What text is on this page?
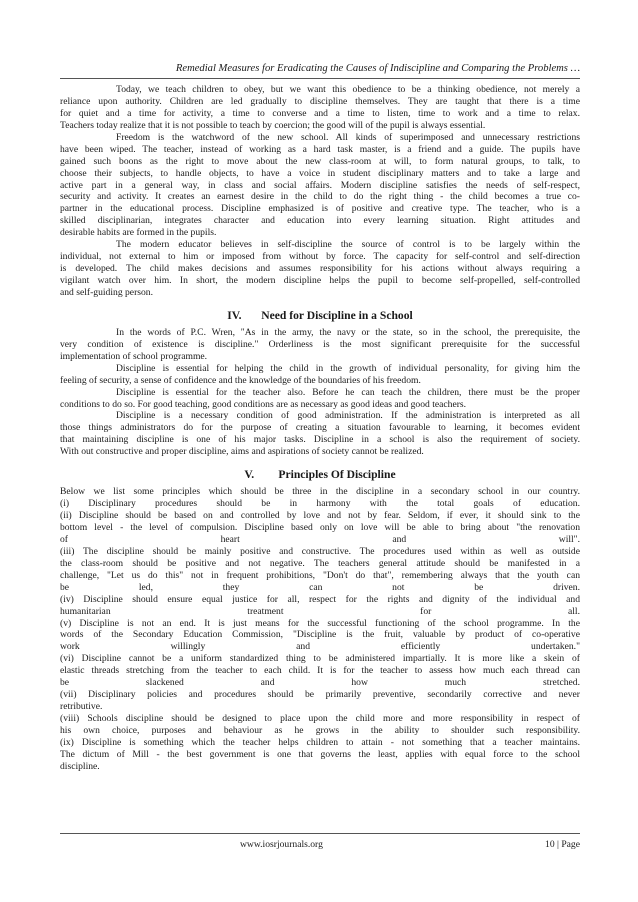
Remedial Measures for Eradicating the Causes of Indiscipline and Comparing the Problems …
Today, we teach children to obey, but we want this obedience to be a thinking obedience, not merely a
reliance upon authority. Children are led gradually to discipline themselves. They are taught that there is a time
for quiet and a time for activity, a time to converse and a time to listen, time to work and a time to relax.
Teachers today realize that it is not possible to teach by coercion; the good will of the pupil is always essential.
Freedom is the watchword of the new school. All kinds of superimposed and unnecessary restrictions
have been wiped. The teacher, instead of working as a hard task master, is a friend and a guide. The pupils have
gained such boons as the right to move about the new class-room at will, to form natural groups, to talk, to
choose their subjects, to handle objects, to have a voice in student disciplinary matters and to take a large and
active part in a general way, in class and social affairs. Modern discipline satisfies the needs of self-respect,
security and activity. It creates an earnest desire in the child to do the right thing - the child becomes a true co-
partner in the educational process. Discipline emphasized is of positive and creative type. The teacher, who is a
skilled disciplinarian, integrates character and education into every learning situation. Right attitudes and
desirable habits are formed in the pupils.
The modern educator believes in self-discipline the source of control is to be largely within the
individual, not external to him or imposed from without by force. The capacity for self-control and self-direction
is developed. The child makes decisions and assumes responsibility for his actions without always requiring a
vigilant watch over him. In short, the modern discipline helps the pupil to become self-propelled, self-controlled
and self-guiding person.
IV. Need for Discipline in a School
In the words of P.C. Wren, "As in the army, the navy or the state, so in the school, the prerequisite, the
very condition of existence is discipline." Orderliness is the most significant prerequisite for the successful
implementation of school programme.
Discipline is essential for helping the child in the growth of individual personality, for giving him the
feeling of security, a sense of confidence and the knowledge of the boundaries of his freedom.
Discipline is essential for the teacher also. Before he can teach the children, there must be the proper
conditions to do so. For good teaching, good conditions are as necessary as good ideas and good teachers.
Discipline is a necessary condition of good administration. If the administration is interpreted as all
those things administrators do for the purpose of creating a situation favourable to learning, it becomes evident
that maintaining discipline is one of his major tasks. Discipline in a school is also the requirement of society.
With out constructive and proper discipline, aims and aspirations of society cannot be realized.
V. Principles Of Discipline
Below we list some principles which should be three in the discipline in a secondary school in our country.
(i) Disciplinary procedures should be in harmony with the total goals of education.
(ii) Discipline should be based on and controlled by love and not by fear. Seldom, if ever, it should sink to the
bottom level - the level of compulsion. Discipline based only on love will be able to bring about "the renovation
of heart and will".
(iii) The discipline should be mainly positive and constructive. The procedures used within as well as outside
the class-room should be positive and not negative. The teachers general attitude should be manifested in a
challenge, "Let us do this" not in frequent prohibitions, "Don't do that", remembering always that the youth can
be led, they can not be driven.
(iv) Discipline should ensure equal justice for all, respect for the rights and dignity of the individual and
humanitarian treatment for all.
(v) Discipline is not an end. It is just means for the successful functioning of the school programme. In the
words of the Secondary Education Commission, "Discipline is the fruit, valuable by product of co-operative
work willingly and efficiently undertaken."
(vi) Discipline cannot be a uniform standardized thing to be administered impartially. It is more like a skein of
elastic threads stretching from the teacher to each child. It is for the teacher to assess how much each thread can
be slackened and how much stretched.
(vii) Disciplinary policies and procedures should be primarily preventive, secondarily corrective and never
retributive.
(viii) Schools discipline should be designed to place upon the child more and more responsibility in respect of
his own choice, purposes and behaviour as he grows in the ability to shoulder such responsibility.
(ix) Discipline is something which the teacher helps children to attain - not something that a teacher maintains.
The dictum of Mill - the best government is one that governs the least, applies with equal force to the school
discipline.
www.iosrjournals.org	10 | Page
